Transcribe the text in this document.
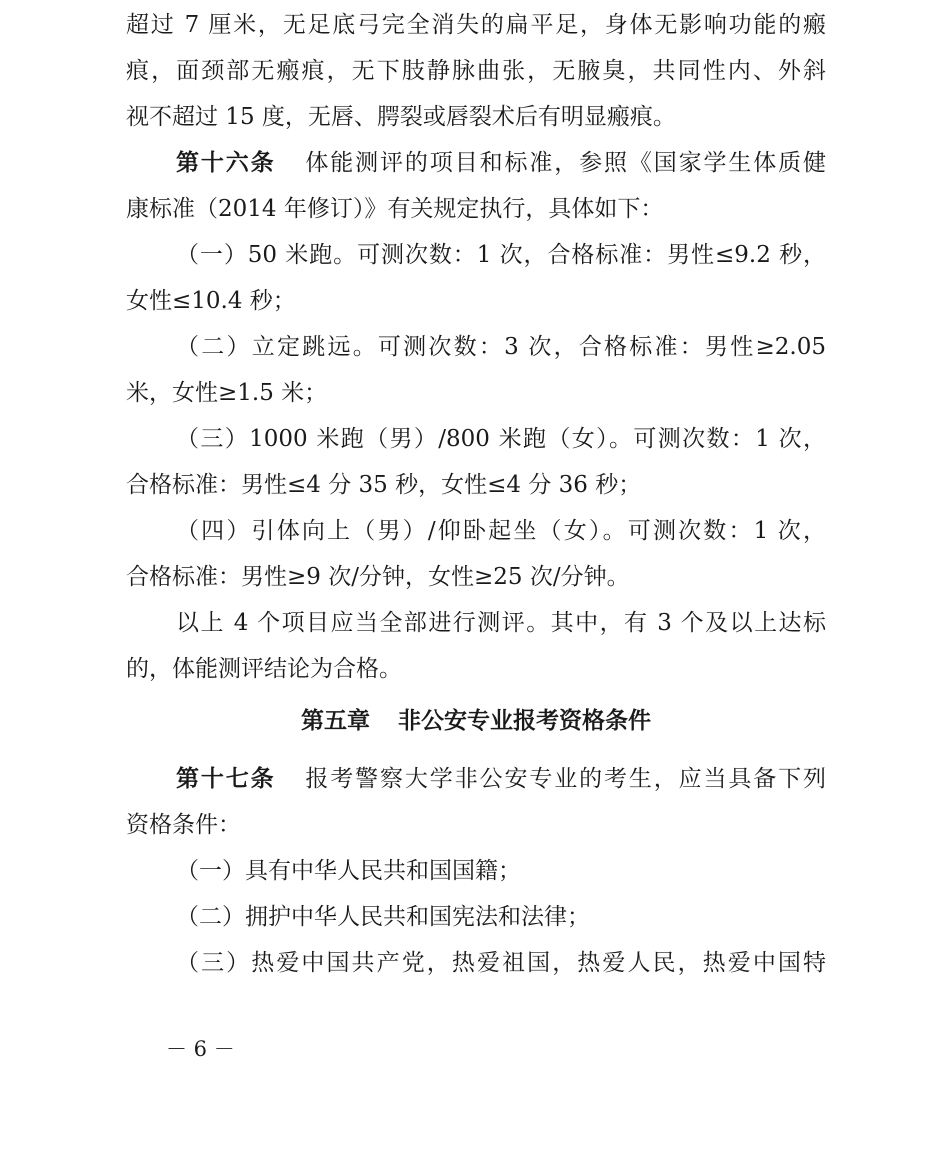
超过 7 厘米，无足底弓完全消失的扁平足，身体无影响功能的瘢
痕，面颈部无瘢痕，无下肢静脉曲张，无腋臭，共同性内、外斜
视不超过 15 度，无唇、腭裂或唇裂术后有明显瘢痕。
第十六条 体能测评的项目和标准，参照《国家学生体质健
康标准（2014 年修订）》有关规定执行，具体如下：
（一）50 米跑。可测次数：1 次，合格标准：男性≤9.2 秒，
女性≤10.4 秒；
（二）立定跳远。可测次数：3 次，合格标准：男性≥2.05
米，女性≥1.5 米；
（三）1000 米跑（男）/800 米跑（女）。可测次数：1 次，
合格标准：男性≤4 分 35 秒，女性≤4 分 36 秒；
（四）引体向上（男）/仰卧起坐（女）。可测次数：1 次，
合格标准：男性≥9 次/分钟，女性≥25 次/分钟。
以上 4 个项目应当全部进行测评。其中，有 3 个及以上达标
的，体能测评结论为合格。
第五章 非公安专业报考资格条件
第十七条 报考警察大学非公安专业的考生，应当具备下列
资格条件：
（一）具有中华人民共和国国籍；
（二）拥护中华人民共和国宪法和法律；
（三）热爱中国共产党，热爱祖国，热爱人民，热爱中国特
－ 6 －
